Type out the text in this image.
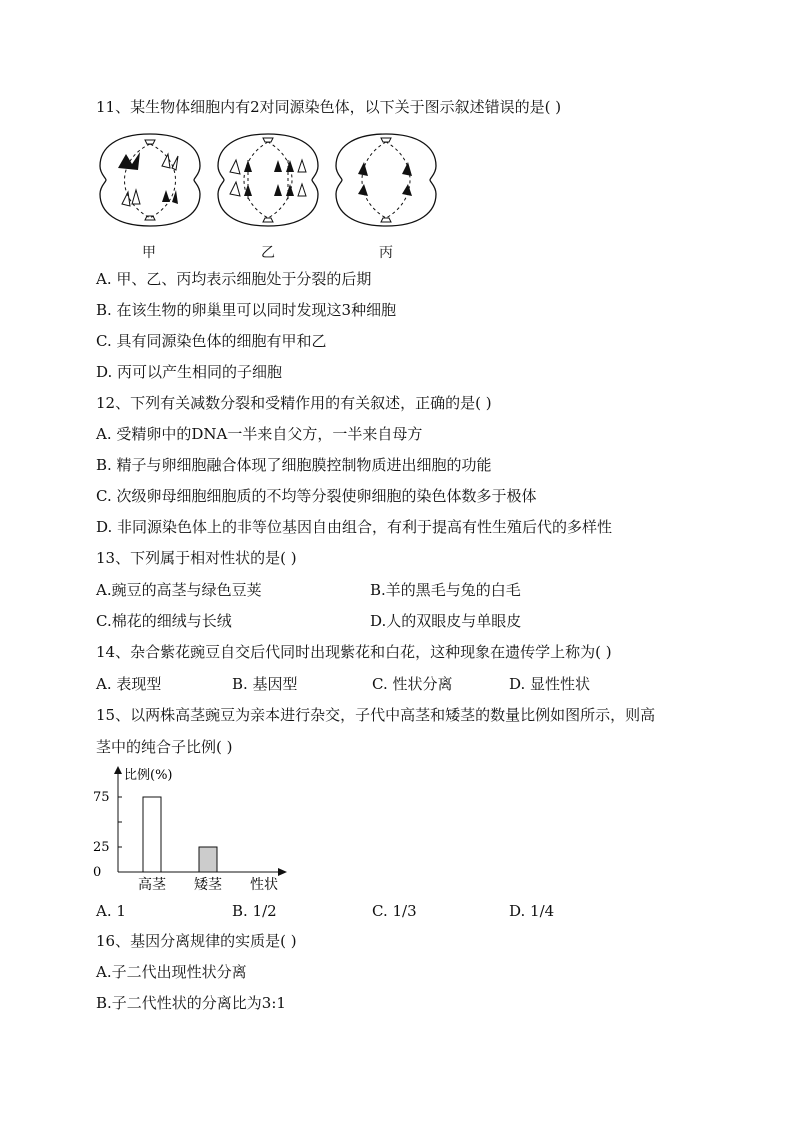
11、某生物体细胞内有2对同源染色体，以下关于图示叙述错误的是( )
甲	乙	丙
A. 甲、乙、丙均表示细胞处于分裂的后期
B. 在该生物的卵巢里可以同时发现这3种细胞
C. 具有同源染色体的细胞有甲和乙
D. 丙可以产生相同的子细胞
12、下列有关减数分裂和受精作用的有关叙述，正确的是( )
A. 受精卵中的DNA一半来自父方，一半来自母方
B. 精子与卵细胞融合体现了细胞膜控制物质进出细胞的功能
C. 次级卵母细胞细胞质的不均等分裂使卵细胞的染色体数多于极体
D. 非同源染色体上的非等位基因自由组合，有利于提高有性生殖后代的多样性
13、下列属于相对性状的是( )
A.豌豆的高茎与绿色豆荚	B.羊的黑毛与兔的白毛
C.棉花的细绒与长绒	D.人的双眼皮与单眼皮
14、杂合紫花豌豆自交后代同时出现紫花和白花，这种现象在遗传学上称为( )
A. 表现型	B. 基因型	C. 性状分离	D. 显性性状
15、以两株高茎豌豆为亲本进行杂交，子代中高茎和矮茎的数量比例如图所示，则高
茎中的纯合子比例( )
比例(%)
性状
75
25
0
高茎 矮茎
A. 1	B. 1/2	C. 1/3	D. 1/4
16、基因分离规律的实质是( )
A.子二代出现性状分离
B.子二代性状的分离比为3:1
